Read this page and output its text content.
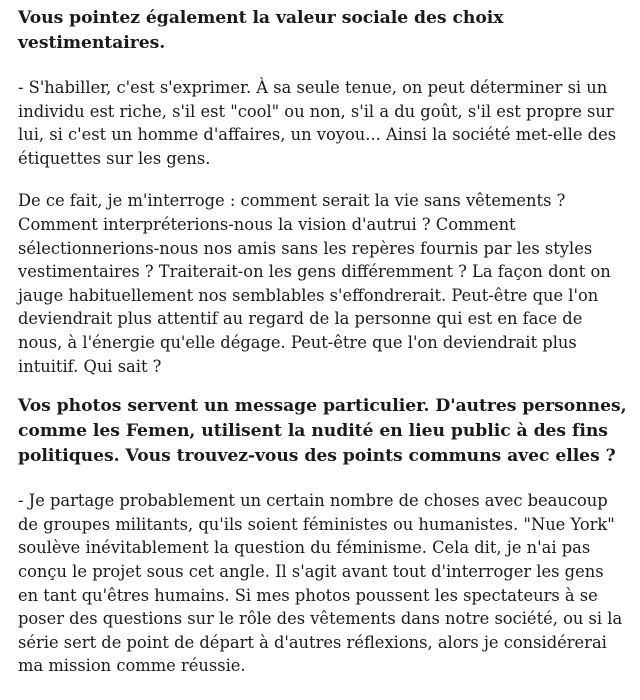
Vous pointez également la valeur sociale des choix vestimentaires.

- S'habiller, c'est s'exprimer. À sa seule tenue, on peut déterminer si un individu est riche, s'il est "cool" ou non, s'il a du goût, s'il est propre sur lui, si c'est un homme d'affaires, un voyou... Ainsi la société met-elle des étiquettes sur les gens.

De ce fait, je m'interroge : comment serait la vie sans vêtements ? Comment interpréterions-nous la vision d'autrui ? Comment sélectionnerions-nous nos amis sans les repères fournis par les styles vestimentaires ? Traiterait-on les gens différemment ? La façon dont on jauge habituellement nos semblables s'effondrerait. Peut-être que l'on deviendrait plus attentif au regard de la personne qui est en face de nous, à l'énergie qu'elle dégage. Peut-être que l'on deviendrait plus intuitif. Qui sait ?

Vos photos servent un message particulier. D'autres personnes, comme les Femen, utilisent la nudité en lieu public à des fins politiques. Vous trouvez-vous des points communs avec elles ?

- Je partage probablement un certain nombre de choses avec beaucoup de groupes militants, qu'ils soient féministes ou humanistes. "Nue York" soulève inévitablement la question du féminisme. Cela dit, je n'ai pas conçu le projet sous cet angle. Il s'agit avant tout d'interroger les gens en tant qu'êtres humains. Si mes photos poussent les spectateurs à se poser des questions sur le rôle des vêtements dans notre société, ou si la série sert de point de départ à d'autres réflexions, alors je considérerai ma mission comme réussie.
